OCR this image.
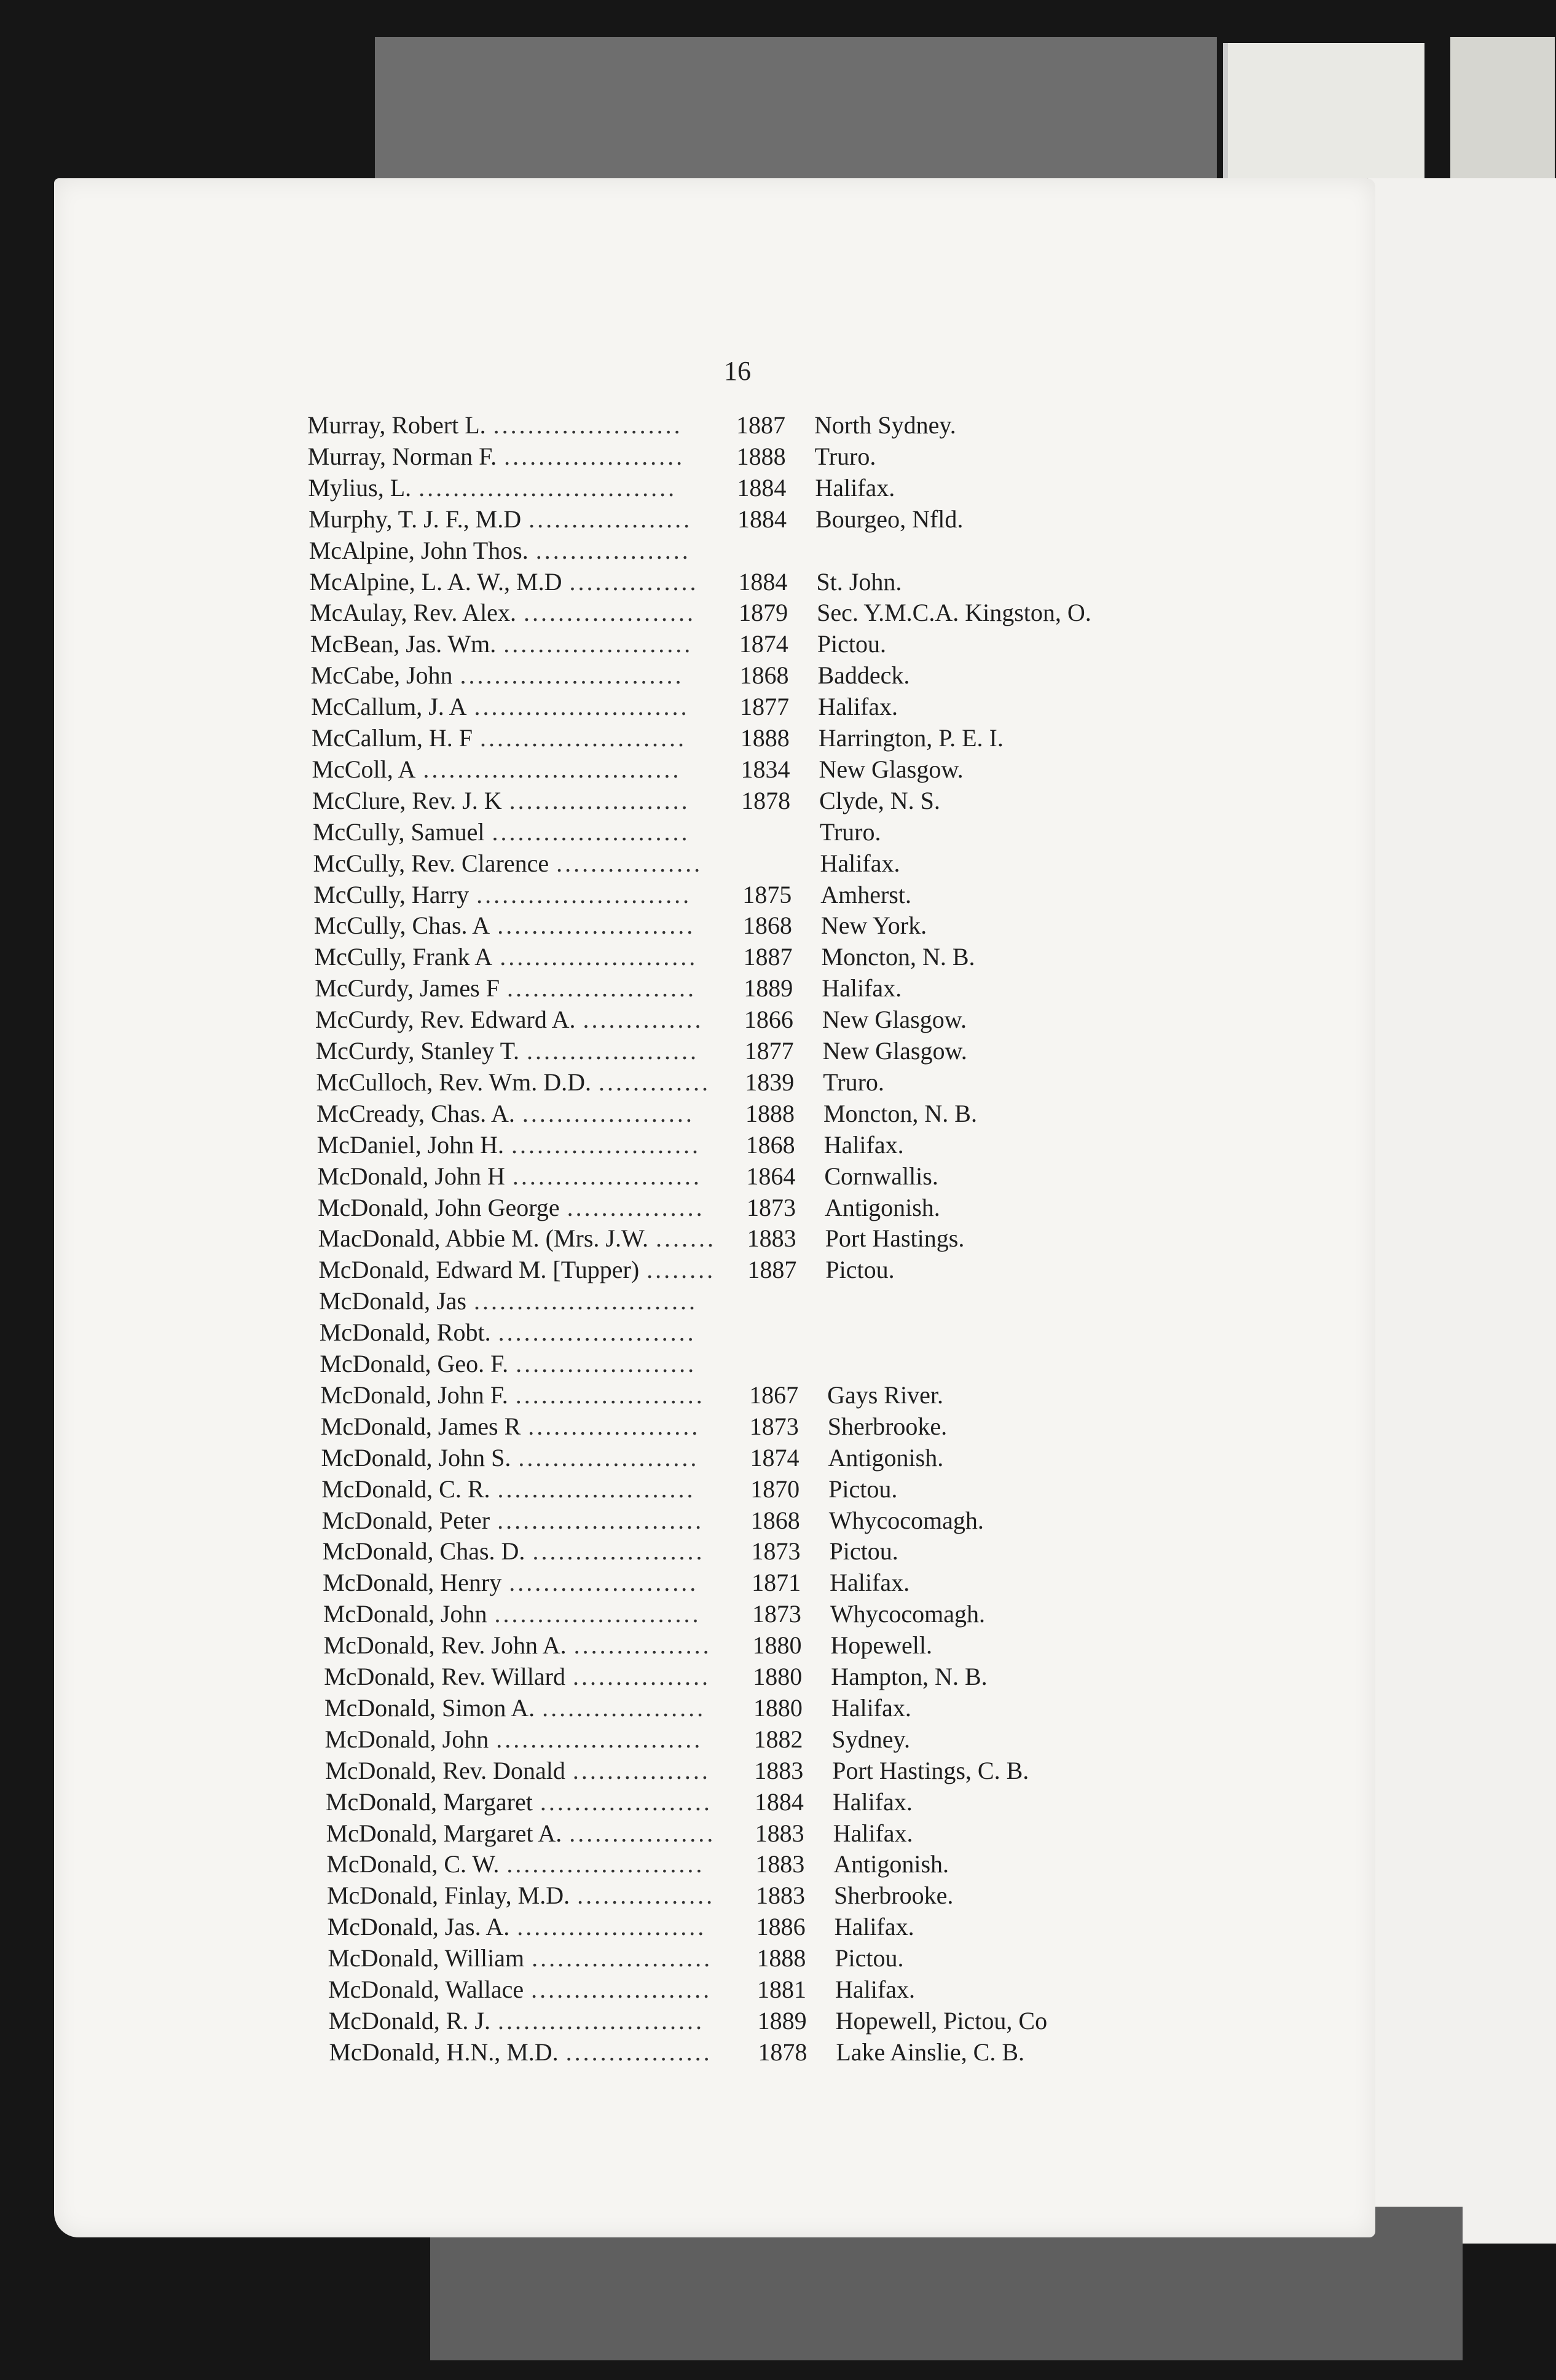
16
Murray, Robert L. ...................... 1887 North Sydney.
Murray, Norman F. ..................... 1888 Truro.
Mylius, L. .............................. 1884 Halifax.
Murphy, T. J. F., M.D ................... 1884 Bourgeo, Nfld.
McAlpine, John Thos. ..................
McAlpine, L. A. W., M.D ............... 1884 St. John.
McAulay, Rev. Alex. .................... 1879 Sec. Y.M.C.A. Kingston, O.
McBean, Jas. Wm. ...................... 1874 Pictou.
McCabe, John .......................... 1868 Baddeck.
McCallum, J. A ......................... 1877 Halifax.
McCallum, H. F ........................ 1888 Harrington, P. E. I.
McColl, A .............................. 1834 New Glasgow.
McClure, Rev. J. K ..................... 1878 Clyde, N. S.
McCully, Samuel .......................	Truro.
McCully, Rev. Clarence .................	Halifax.
McCully, Harry ......................... 1875 Amherst.
McCully, Chas. A ....................... 1868 New York.
McCully, Frank A ....................... 1887 Moncton, N. B.
McCurdy, James F ...................... 1889 Halifax.
McCurdy, Rev. Edward A. .............. 1866 New Glasgow.
McCurdy, Stanley T. .................... 1877 New Glasgow.
McCulloch, Rev. Wm. D.D. ............. 1839 Truro.
McCready, Chas. A. .................... 1888 Moncton, N. B.
McDaniel, John H. ...................... 1868 Halifax.
McDonald, John H ...................... 1864 Cornwallis.
McDonald, John George ................ 1873 Antigonish.
MacDonald, Abbie M. (Mrs. J.W. ....... 1883 Port Hastings.
McDonald, Edward M. [Tupper) ........ 1887 Pictou.
McDonald, Jas ..........................
McDonald, Robt. .......................
McDonald, Geo. F. .....................
McDonald, John F. ...................... 1867 Gays River.
McDonald, James R .................... 1873 Sherbrooke.
McDonald, John S. ..................... 1874 Antigonish.
McDonald, C. R. ....................... 1870 Pictou.
McDonald, Peter ........................ 1868 Whycocomagh.
McDonald, Chas. D. .................... 1873 Pictou.
McDonald, Henry ...................... 1871 Halifax.
McDonald, John ........................ 1873 Whycocomagh.
McDonald, Rev. John A. ................ 1880 Hopewell.
McDonald, Rev. Willard ................ 1880 Hampton, N. B.
McDonald, Simon A. ................... 1880 Halifax.
McDonald, John ........................ 1882 Sydney.
McDonald, Rev. Donald ................ 1883 Port Hastings, C. B.
McDonald, Margaret .................... 1884 Halifax.
McDonald, Margaret A. ................. 1883 Halifax.
McDonald, C. W. ....................... 1883 Antigonish.
McDonald, Finlay, M.D. ................ 1883 Sherbrooke.
McDonald, Jas. A. ...................... 1886 Halifax.
McDonald, William ..................... 1888 Pictou.
McDonald, Wallace ..................... 1881 Halifax.
McDonald, R. J. ........................ 1889 Hopewell, Pictou, Co
McDonald, H.N., M.D. ................. 1878 Lake Ainslie, C. B.
